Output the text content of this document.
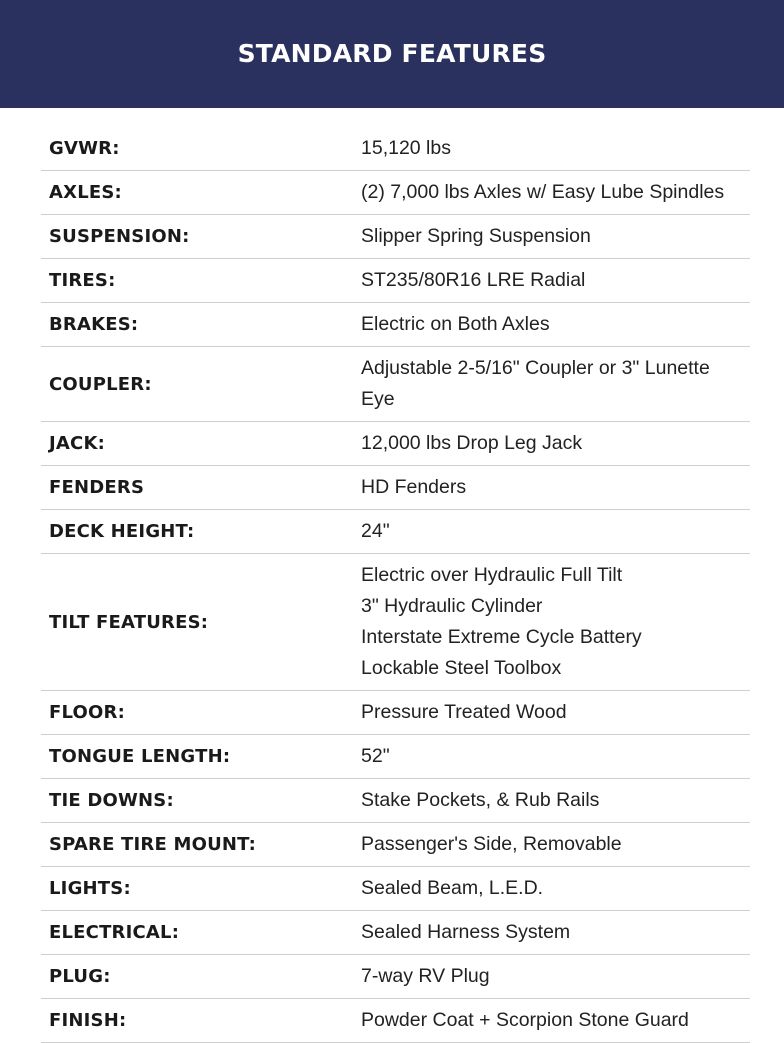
STANDARD FEATURES
GVWR:	15,120 lbs
AXLES:	(2) 7,000 lbs Axles w/ Easy Lube Spindles
SUSPENSION:	Slipper Spring Suspension
TIRES:	ST235/80R16 LRE Radial
BRAKES:	Electric on Both Axles
COUPLER:
Adjustable 2-5/16" Coupler or 3" Lunette
Eye
JACK:	12,000 lbs Drop Leg Jack
FENDERS	HD Fenders
DECK HEIGHT:	24"
TILT FEATURES:
Electric over Hydraulic Full Tilt
3" Hydraulic Cylinder
Interstate Extreme Cycle Battery
Lockable Steel Toolbox
FLOOR:	Pressure Treated Wood
TONGUE LENGTH:	52"
TIE DOWNS:	Stake Pockets, & Rub Rails
SPARE TIRE MOUNT:	Passenger's Side, Removable
LIGHTS:	Sealed Beam, L.E.D.
ELECTRICAL:	Sealed Harness System
PLUG:	7-way RV Plug
FINISH:	Powder Coat + Scorpion Stone Guard
